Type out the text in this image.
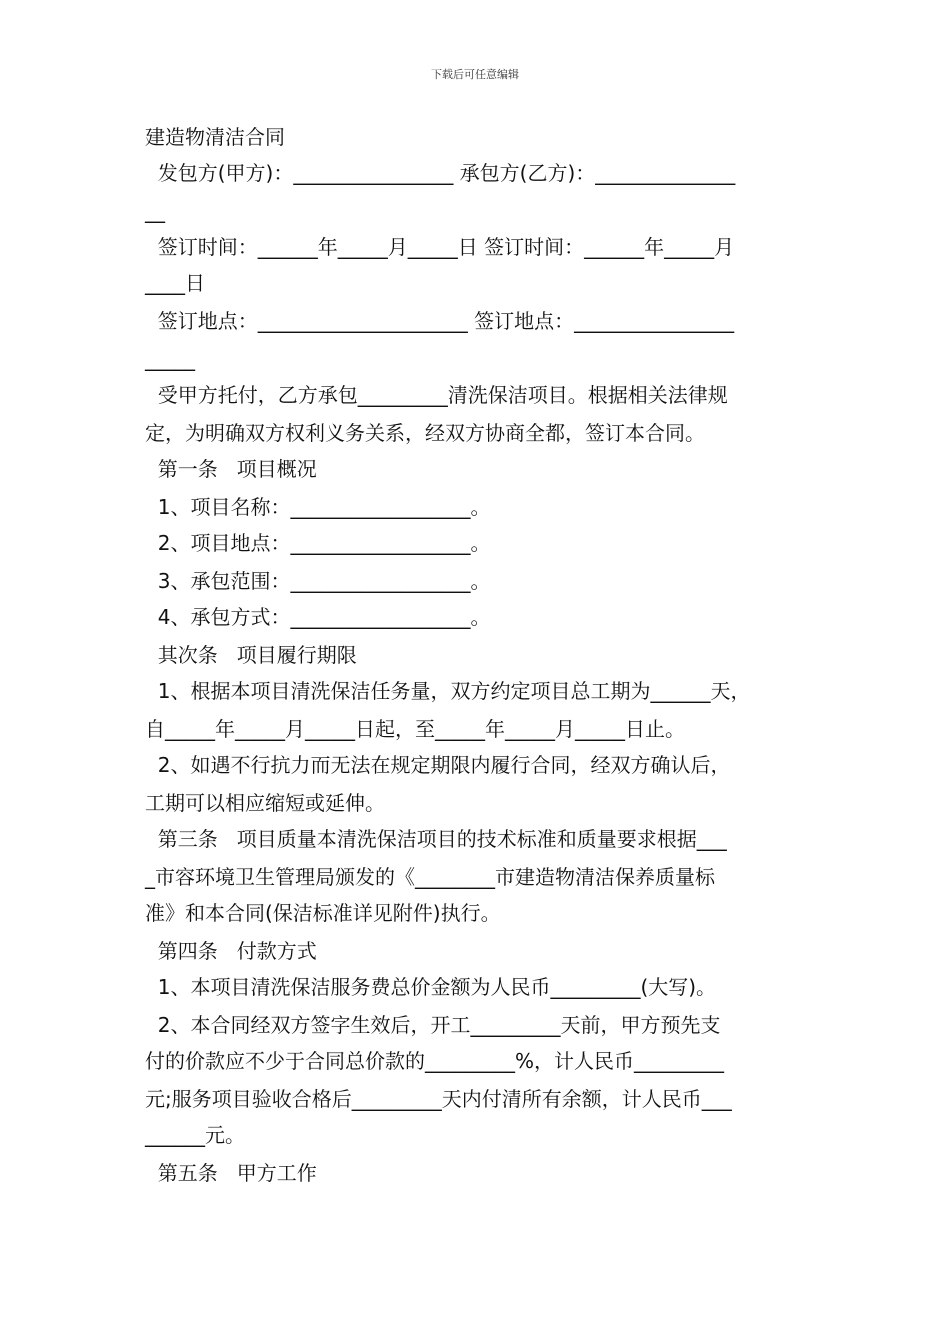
下载后可任意编辑
建造物清洁合同
发包方(甲方)：________________ 承包方(乙方)：______________
__
签订时间：______年_____月_____日 签订时间：______年_____月
____日
签订地点：_____________________ 签订地点：________________
_____
受甲方托付，乙方承包_________清洗保洁项目。根据相关法律规
定，为明确双方权利义务关系，经双方协商全都，签订本合同。
第一条   项目概况
1、项目名称：__________________。
2、项目地点：__________________。
3、承包范围：__________________。
4、承包方式：__________________。
其次条   项目履行期限
1、根据本项目清洗保洁任务量，双方约定项目总工期为______天，
自_____年_____月_____日起，至_____年_____月_____日止。
2、如遇不行抗力而无法在规定期限内履行合同，经双方确认后，
工期可以相应缩短或延伸。
第三条   项目质量本清洗保洁项目的技术标准和质量要求根据___
_市容环境卫生管理局颁发的《________市建造物清洁保养质量标
准》和本合同(保洁标准详见附件)执行。
第四条   付款方式
1、本项目清洗保洁服务费总价金额为人民币_________(大写)。
2、本合同经双方签字生效后，开工_________天前，甲方预先支
付的价款应不少于合同总价款的_________%，计人民币_________
元;服务项目验收合格后_________天内付清所有余额，计人民币___
______元。
第五条   甲方工作
